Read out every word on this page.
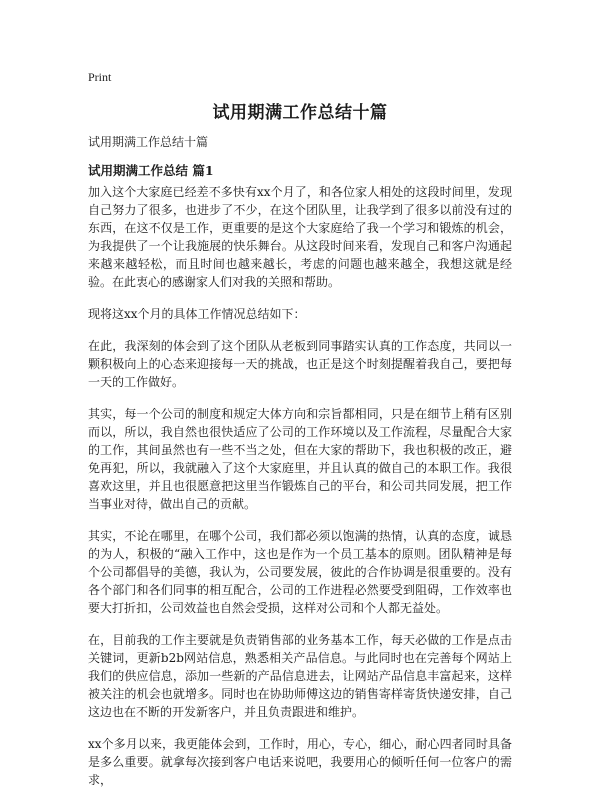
Print
试用期满工作总结十篇

试用期满工作总结十篇

试用期满工作总结 篇1

加入这个大家庭已经差不多快有xx个月了，和各位家人相处的这段时间里，发现自己努力了很多，也进步了不少，在这个团队里，让我学到了很多以前没有过的东西，在这不仅是工作，更重要的是这个大家庭给了我一个学习和锻炼的机会，为我提供了一个让我施展的快乐舞台。从这段时间来看，发现自己和客户沟通起来越来越轻松，而且时间也越来越长，考虑的问题也越来越全，我想这就是经验。在此衷心的感谢家人们对我的关照和帮助。

现将这xx个月的具体工作情况总结如下：

在此，我深刻的体会到了这个团队从老板到同事踏实认真的工作态度，共同以一颗积极向上的心态来迎接每一天的挑战，也正是这个时刻提醒着我自己，要把每一天的工作做好。

其实，每一个公司的制度和规定大体方向和宗旨都相同，只是在细节上稍有区别而以，所以，我自然也很快适应了公司的工作环境以及工作流程，尽量配合大家的工作，其间虽然也有一些不当之处，但在大家的帮助下，我也积极的改正，避免再犯，所以，我就融入了这个大家庭里，并且认真的做自己的本职工作。我很喜欢这里，并且也很愿意把这里当作锻炼自己的平台，和公司共同发展，把工作当事业对待，做出自己的贡献。

其实，不论在哪里，在哪个公司，我们都必须以饱满的热情，认真的态度，诚恳的为人，积极的“融入工作中，这也是作为一个员工基本的原则。团队精神是每个公司都倡导的美德，我认为，公司要发展，彼此的合作协调是很重要的。没有各个部门和各们同事的相互配合，公司的工作进程必然要受到阻碍，工作效率也要大打折扣，公司效益也自然会受损，这样对公司和个人都无益处。

在，目前我的工作主要就是负责销售部的业务基本工作，每天必做的工作是点击关键词，更新b2b网站信息，熟悉相关产品信息。与此同时也在完善每个网站上我们的供应信息，添加一些新的产品信息进去，让网站产品信息丰富起来，这样被关注的机会也就增多。同时也在协助师傅这边的销售寄样寄货快递安排，自己这边也在不断的开发新客户，并且负责跟进和维护。

xx个多月以来，我更能体会到，工作时，用心，专心，细心，耐心四者同时具备是多么重要。就拿每次接到客户电话来说吧，我要用心的倾听任何一位客户的需求，
